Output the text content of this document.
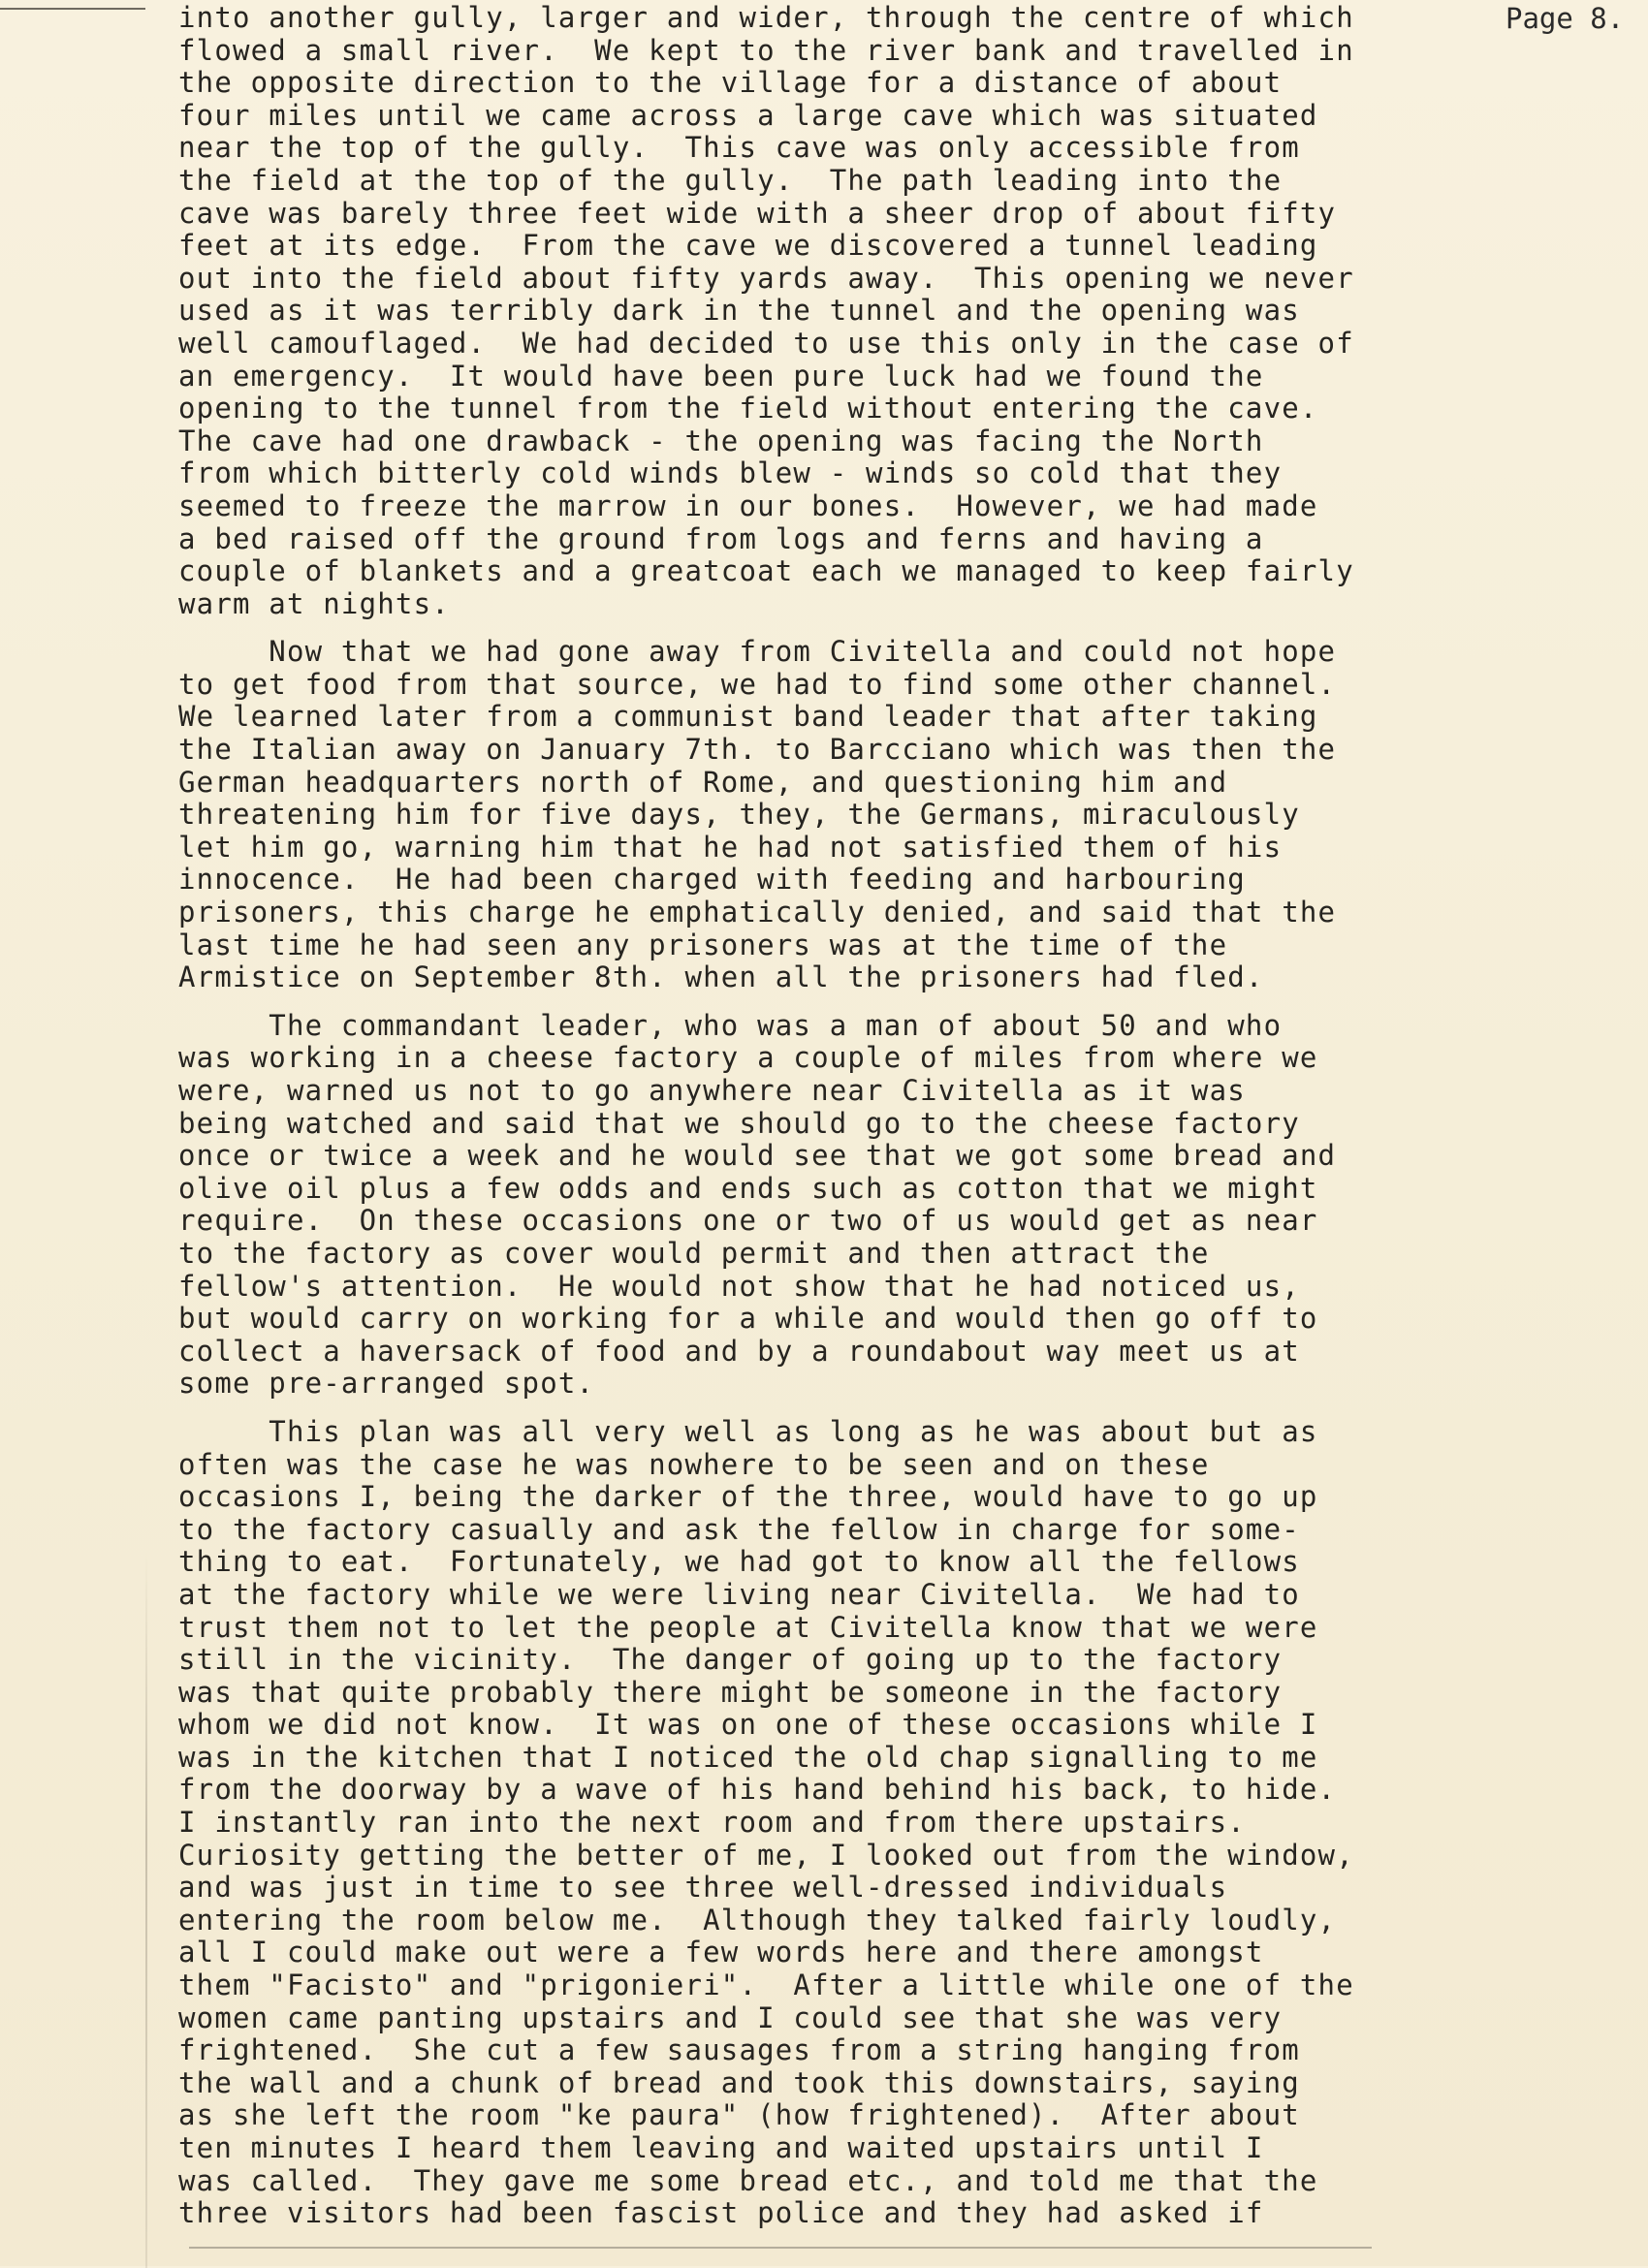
Page 8.

into another gully, larger and wider, through the centre of which
flowed a small river.  We kept to the river bank and travelled in
the opposite direction to the village for a distance of about
four miles until we came across a large cave which was situated
near the top of the gully.  This cave was only accessible from
the field at the top of the gully.  The path leading into the
cave was barely three feet wide with a sheer drop of about fifty
feet at its edge.  From the cave we discovered a tunnel leading
out into the field about fifty yards away.  This opening we never
used as it was terribly dark in the tunnel and the opening was
well camouflaged.  We had decided to use this only in the case of
an emergency.  It would have been pure luck had we found the
opening to the tunnel from the field without entering the cave.
The cave had one drawback - the opening was facing the North
from which bitterly cold winds blew - winds so cold that they
seemed to freeze the marrow in our bones.  However, we had made
a bed raised off the ground from logs and ferns and having a
couple of blankets and a greatcoat each we managed to keep fairly
warm at nights.

Now that we had gone away from Civitella and could not hope
to get food from that source, we had to find some other channel.
We learned later from a communist band leader that after taking
the Italian away on January 7th. to Barcciano which was then the
German headquarters north of Rome, and questioning him and
threatening him for five days, they, the Germans, miraculously
let him go, warning him that he had not satisfied them of his
innocence.  He had been charged with feeding and harbouring
prisoners, this charge he emphatically denied, and said that the
last time he had seen any prisoners was at the time of the
Armistice on September 8th. when all the prisoners had fled.

The commandant leader, who was a man of about 50 and who
was working in a cheese factory a couple of miles from where we
were, warned us not to go anywhere near Civitella as it was
being watched and said that we should go to the cheese factory
once or twice a week and he would see that we got some bread and
olive oil plus a few odds and ends such as cotton that we might
require.  On these occasions one or two of us would get as near
to the factory as cover would permit and then attract the
fellow's attention.  He would not show that he had noticed us,
but would carry on working for a while and would then go off to
collect a haversack of food and by a roundabout way meet us at
some pre-arranged spot.

This plan was all very well as long as he was about but as
often was the case he was nowhere to be seen and on these
occasions I, being the darker of the three, would have to go up
to the factory casually and ask the fellow in charge for some-
thing to eat.  Fortunately, we had got to know all the fellows
at the factory while we were living near Civitella.  We had to
trust them not to let the people at Civitella know that we were
still in the vicinity.  The danger of going up to the factory
was that quite probably there might be someone in the factory
whom we did not know.  It was on one of these occasions while I
was in the kitchen that I noticed the old chap signalling to me
from the doorway by a wave of his hand behind his back, to hide.
I instantly ran into the next room and from there upstairs.
Curiosity getting the better of me, I looked out from the window,
and was just in time to see three well-dressed individuals
entering the room below me.  Although they talked fairly loudly,
all I could make out were a few words here and there amongst
them "Facisto" and "prigonieri".  After a little while one of the
women came panting upstairs and I could see that she was very
frightened.  She cut a few sausages from a string hanging from
the wall and a chunk of bread and took this downstairs, saying
as she left the room "ke paura" (how frightened).  After about
ten minutes I heard them leaving and waited upstairs until I
was called.  They gave me some bread etc., and told me that the
three visitors had been fascist police and they had asked if
